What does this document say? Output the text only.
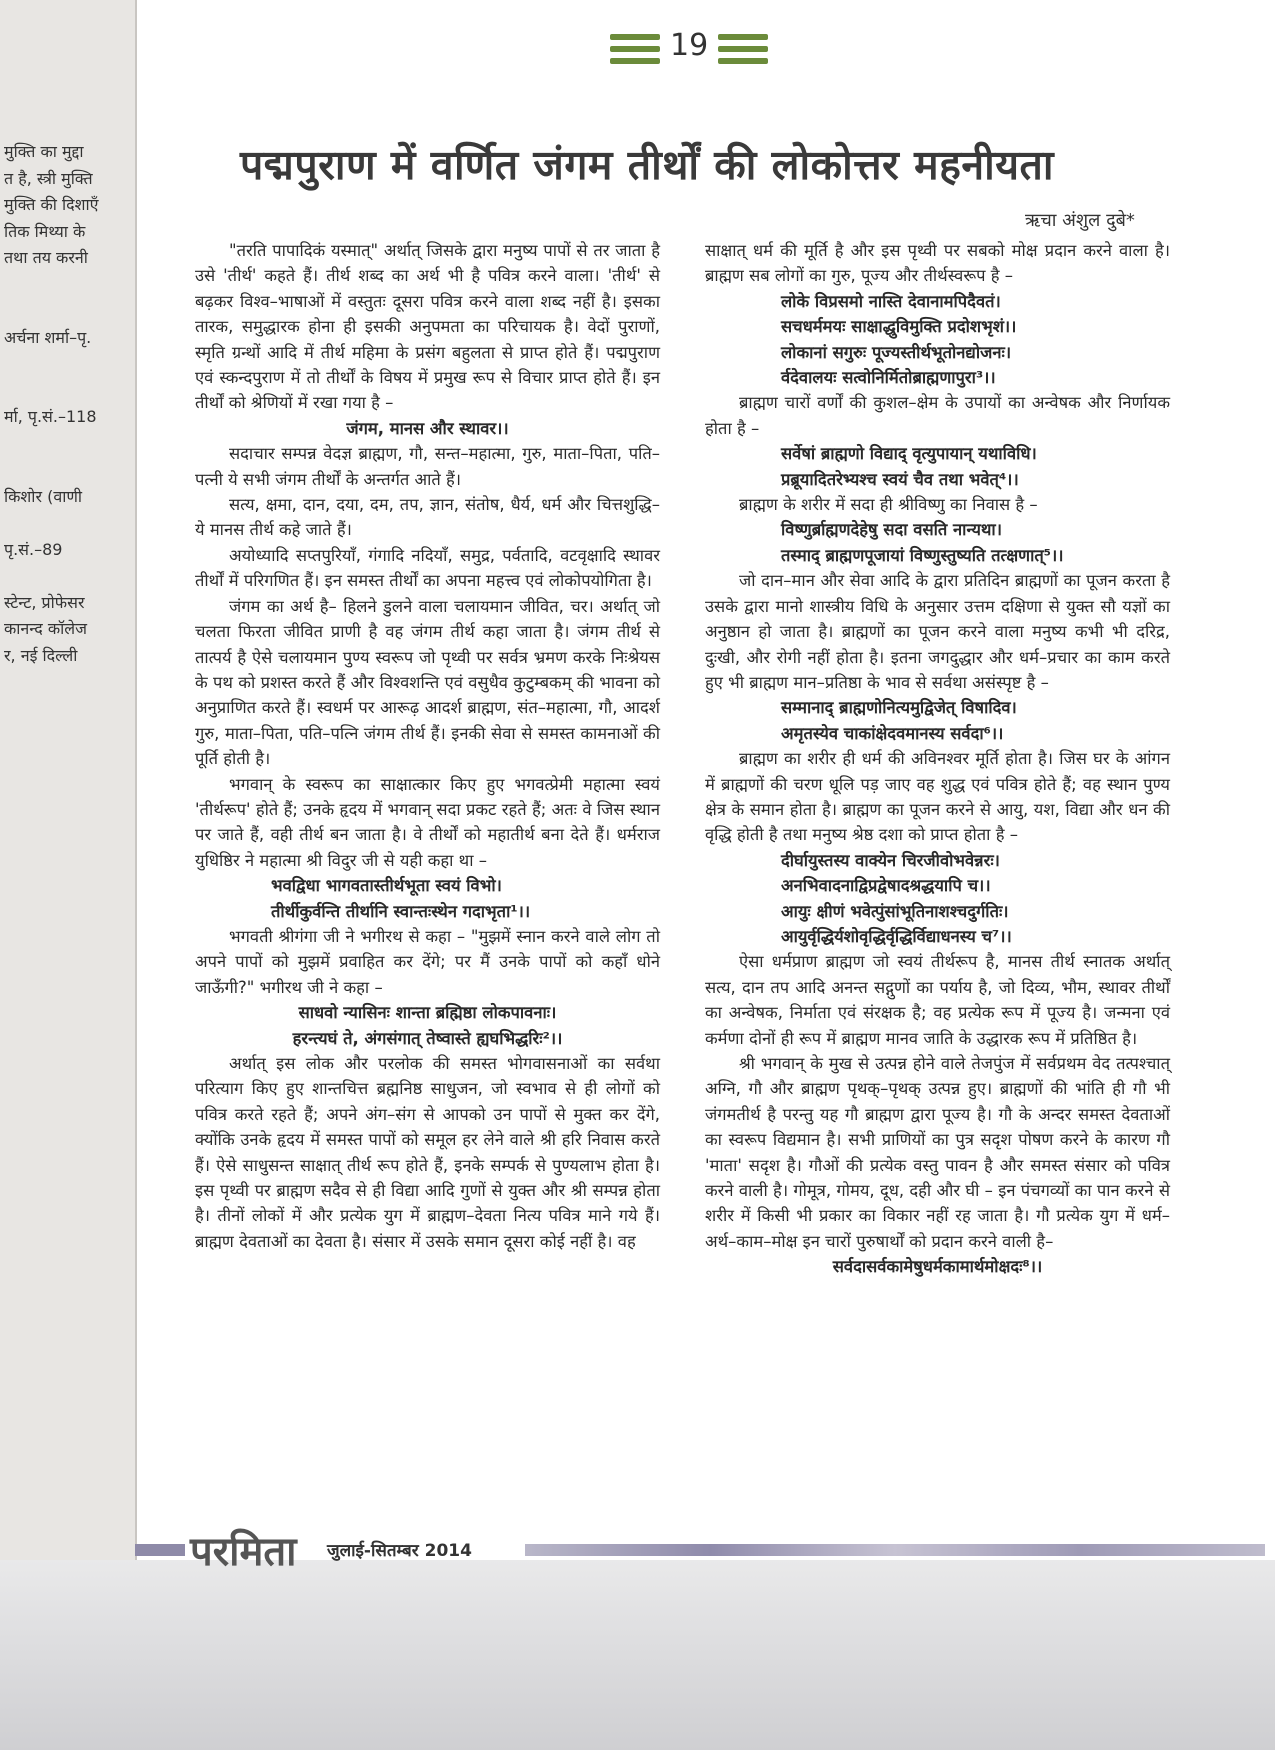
मुक्ति का मुद्दा
त है, स्त्री मुक्ति
मुक्ति की दिशाएँ
तिक मिथ्या के
तथा तय करनी
अर्चना शर्मा–पृ.
र्मा, पृ.सं.–118
किशोर (वाणी
पृ.सं.–89
स्टेन्ट, प्रोफेसर
कानन्द कॉलेज
र, नई दिल्ली
19
पद्मपुराण में वर्णित जंगम तीर्थों की लोकोत्तर महनीयता
ऋचा अंशुल दुबे*

"तरति पापादिकं यस्मात्" अर्थात् जिसके द्वारा मनुष्य पापों से तर जाता है उसे 'तीर्थ' कहते हैं। तीर्थ शब्द का अर्थ भी है पवित्र करने वाला। 'तीर्थ' से बढ़कर विश्व–भाषाओं में वस्तुतः दूसरा पवित्र करने वाला शब्द नहीं है। इसका तारक, समुद्धारक होना ही इसकी अनुपमता का परिचायक है। वेदों पुराणों, स्मृति ग्रन्थों आदि में तीर्थ महिमा के प्रसंग बहुलता से प्राप्त होते हैं। पद्मपुराण एवं स्कन्दपुराण में तो तीर्थों के विषय में प्रमुख रूप से विचार प्राप्त होते हैं। इन तीर्थों को श्रेणियों में रखा गया है –

जंगम, मानस और स्थावर।।

सदाचार सम्पन्न वेदज्ञ ब्राह्मण, गौ, सन्त–महात्मा, गुरु, माता–पिता, पति–पत्नी ये सभी जंगम तीर्थों के अन्तर्गत आते हैं।

सत्य, क्षमा, दान, दया, दम, तप, ज्ञान, संतोष, धैर्य, धर्म और चित्तशुद्धि–ये मानस तीर्थ कहे जाते हैं।

अयोध्यादि सप्तपुरियाँ, गंगादि नदियाँ, समुद्र, पर्वतादि, वटवृक्षादि स्थावर तीर्थों में परिगणित हैं। इन समस्त तीर्थों का अपना महत्त्व एवं लोकोपयोगिता है।

जंगम का अर्थ है– हिलने डुलने वाला चलायमान जीवित, चर। अर्थात् जो चलता फिरता जीवित प्राणी है वह जंगम तीर्थ कहा जाता है। जंगम तीर्थ से तात्पर्य है ऐसे चलायमान पुण्य स्वरूप जो पृथ्वी पर सर्वत्र भ्रमण करके निःश्रेयस के पथ को प्रशस्त करते हैं और विश्वशन्ति एवं वसुधैव कुटुम्बकम् की भावना को अनुप्राणित करते हैं। स्वधर्म पर आरूढ़ आदर्श ब्राह्मण, संत–महात्मा, गौ, आदर्श गुरु, माता–पिता, पति–पत्नि जंगम तीर्थ हैं। इनकी सेवा से समस्त कामनाओं की पूर्ति होती है।

भगवान् के स्वरूप का साक्षात्कार किए हुए भगवत्प्रेमी महात्मा स्वयं 'तीर्थरूप' होते हैं; उनके हृदय में भगवान् सदा प्रकट रहते हैं; अतः वे जिस स्थान पर जाते हैं, वही तीर्थ बन जाता है। वे तीर्थों को महातीर्थ बना देते हैं। धर्मराज युधिष्ठिर ने महात्मा श्री विदुर जी से यही कहा था –

भवद्विधा भागवतास्तीर्थभूता स्वयं विभो।

तीर्थीकुर्वन्ति तीर्थानि स्वान्तःस्थेन गदाभृता¹।।

भगवती श्रीगंगा जी ने भगीरथ से कहा – "मुझमें स्नान करने वाले लोग तो अपने पापों को मुझमें प्रवाहित कर देंगे; पर मैं उनके पापों को कहाँ धोने जाऊँगी?" भगीरथ जी ने कहा –

साधवो न्यासिनः शान्ता ब्रह्मिष्ठा लोकपावनाः।

हरन्त्यघं ते, अंगसंगात् तेष्वास्ते ह्यघभिद्धरिः²।।

अर्थात् इस लोक और परलोक की समस्त भोगवासनाओं का सर्वथा परित्याग किए हुए शान्तचित्त ब्रह्मनिष्ठ साधुजन, जो स्वभाव से ही लोगों को पवित्र करते रहते हैं; अपने अंग–संग से आपको उन पापों से मुक्त कर देंगे, क्योंकि उनके हृदय में समस्त पापों को समूल हर लेने वाले श्री हरि निवास करते हैं। ऐसे साधुसन्त साक्षात् तीर्थ रूप होते हैं, इनके सम्पर्क से पुण्यलाभ होता है। इस पृथ्वी पर ब्राह्मण सदैव से ही विद्या आदि गुणों से युक्त और श्री सम्पन्न होता है। तीनों लोकों में और प्रत्येक युग में ब्राह्मण–देवता नित्य पवित्र माने गये हैं। ब्राह्मण देवताओं का देवता है। संसार में उसके समान दूसरा कोई नहीं है। वह

साक्षात् धर्म की मूर्ति है और इस पृथ्वी पर सबको मोक्ष प्रदान करने वाला है। ब्राह्मण सब लोगों का गुरु, पूज्य और तीर्थस्वरूप है –

लोके विप्रसमो नास्ति देवानामपिदैवतं।

सचधर्ममयः साक्षाद्धुविमुक्ति प्रदोशभृशं।।

लोकानां सगुरुः पूज्यस्तीर्थभूतोनद्योजनः।

र्वदेवालयः सत्वोनिर्मितोब्राह्मणापुरा³।।

ब्राह्मण चारों वर्णों की कुशल–क्षेम के उपायों का अन्वेषक और निर्णायक होता है –

सर्वेषां ब्राह्मणो विद्याद् वृत्युपायान् यथाविधि।

प्रब्रूयादितरेभ्यश्च स्वयं चैव तथा भवेत्⁴।।

ब्राह्मण के शरीर में सदा ही श्रीविष्णु का निवास है –

विष्णुर्ब्राह्मणदेहेषु सदा वसति नान्यथा।

तस्माद् ब्राह्मणपूजायां विष्णुस्तुष्यति तत्क्षणात्⁵।।

जो दान–मान और सेवा आदि के द्वारा प्रतिदिन ब्राह्मणों का पूजन करता है उसके द्वारा मानो शास्त्रीय विधि के अनुसार उत्तम दक्षिणा से युक्त सौ यज्ञों का अनुष्ठान हो जाता है। ब्राह्मणों का पूजन करने वाला मनुष्य कभी भी दरिद्र, दुःखी, और रोगी नहीं होता है। इतना जगदुद्धार और धर्म–प्रचार का काम करते हुए भी ब्राह्मण मान–प्रतिष्ठा के भाव से सर्वथा असंस्पृष्ट है –

सम्मानाद् ब्राह्मणोनित्यमुद्विजेत् विषादिव।

अमृतस्येव चाकांक्षेदवमानस्य सर्वदा⁶।।

ब्राह्मण का शरीर ही धर्म की अविनश्वर मूर्ति होता है। जिस घर के आंगन में ब्राह्मणों की चरण धूलि पड़ जाए वह शुद्ध एवं पवित्र होते हैं; वह स्थान पुण्य क्षेत्र के समान होता है। ब्राह्मण का पूजन करने से आयु, यश, विद्या और धन की वृद्धि होती है तथा मनुष्य श्रेष्ठ दशा को प्राप्त होता है –

दीर्घायुस्तस्य वाक्येन चिरजीवोभवेन्नरः।

अनभिवादनाद्विप्रद्वेषादश्रद्धयापि च।।

आयुः क्षीणं भवेत्पुंसांभूतिनाशश्चदुर्गतिः।

आयुर्वृद्धिर्यशोवृद्धिर्वृद्धिर्विद्याधनस्य च⁷।।

ऐसा धर्मप्राण ब्राह्मण जो स्वयं तीर्थरूप है, मानस तीर्थ स्नातक अर्थात् सत्य, दान तप आदि अनन्त सद्गुणों का पर्याय है, जो दिव्य, भौम, स्थावर तीर्थों का अन्वेषक, निर्माता एवं संरक्षक है; वह प्रत्येक रूप में पूज्य है। जन्मना एवं कर्मणा दोनों ही रूप में ब्राह्मण मानव जाति के उद्धारक रूप में प्रतिष्ठित है।

श्री भगवान् के मुख से उत्पन्न होने वाले तेजपुंज में सर्वप्रथम वेद तत्पश्चात् अग्नि, गौ और ब्राह्मण पृथक्–पृथक् उत्पन्न हुए। ब्राह्मणों की भांति ही गौ भी जंगमतीर्थ है परन्तु यह गौ ब्राह्मण द्वारा पूज्य है। गौ के अन्दर समस्त देवताओं का स्वरूप विद्यमान है। सभी प्राणियों का पुत्र सदृश पोषण करने के कारण गौ 'माता' सदृश है। गौओं की प्रत्येक वस्तु पावन है और समस्त संसार को पवित्र करने वाली है। गोमूत्र, गोमय, दूध, दही और घी – इन पंचगव्यों का पान करने से शरीर में किसी भी प्रकार का विकार नहीं रह जाता है। गौ प्रत्येक युग में धर्म–अर्थ–काम–मोक्ष इन चारों पुरुषार्थों को प्रदान करने वाली है–

सर्वदासर्वकामेषुधर्मकामार्थमोक्षदः⁸।।

परमिता जुलाई-सितम्बर 2014
